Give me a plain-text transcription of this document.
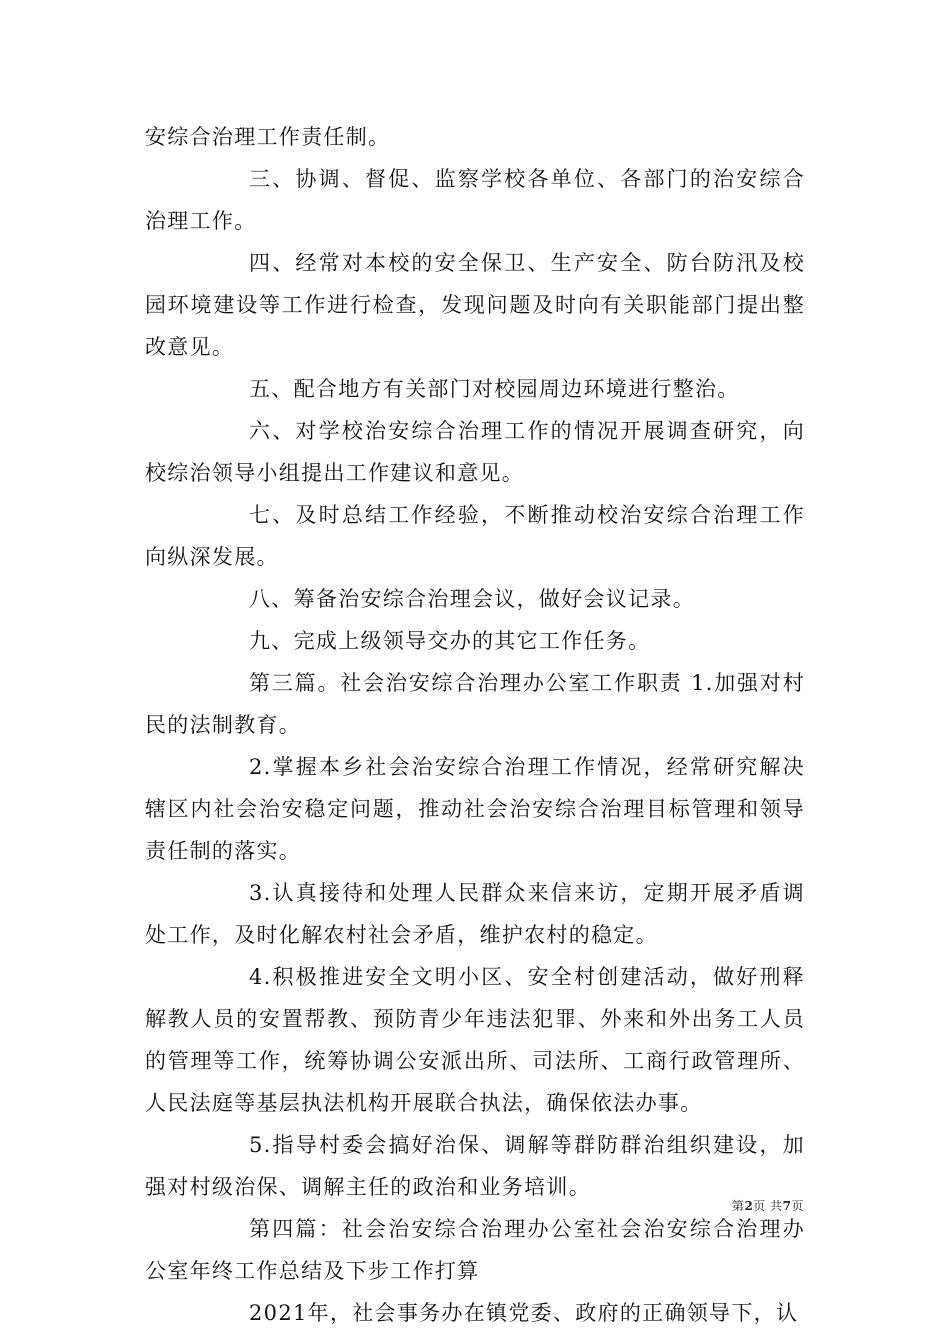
安综合治理工作责任制。

三、协调、督促、监察学校各单位、各部门的治安综合治理工作。

四、经常对本校的安全保卫、生产安全、防台防汛及校园环境建设等工作进行检查，发现问题及时向有关职能部门提出整改意见。

五、配合地方有关部门对校园周边环境进行整治。

六、对学校治安综合治理工作的情况开展调查研究，向校综治领导小组提出工作建议和意见。

七、及时总结工作经验，不断推动校治安综合治理工作向纵深发展。

八、筹备治安综合治理会议，做好会议记录。

九、完成上级领导交办的其它工作任务。

第三篇。社会治安综合治理办公室工作职责 1.加强对村民的法制教育。

2.掌握本乡社会治安综合治理工作情况，经常研究解决辖区内社会治安稳定问题，推动社会治安综合治理目标管理和领导责任制的落实。

3.认真接待和处理人民群众来信来访，定期开展矛盾调处工作，及时化解农村社会矛盾，维护农村的稳定。

4.积极推进安全文明小区、安全村创建活动，做好刑释解教人员的安置帮教、预防青少年违法犯罪、外来和外出务工人员的管理等工作，统筹协调公安派出所、司法所、工商行政管理所、人民法庭等基层执法机构开展联合执法，确保依法办事。

5.指导村委会搞好治保、调解等群防群治组织建设，加强对村级治保、调解主任的政治和业务培训。

第四篇：社会治安综合治理办公室社会治安综合治理办公室年终工作总结及下步工作打算

2021年，社会事务办在镇党委、政府的正确领导下，认

第2页 共7页
